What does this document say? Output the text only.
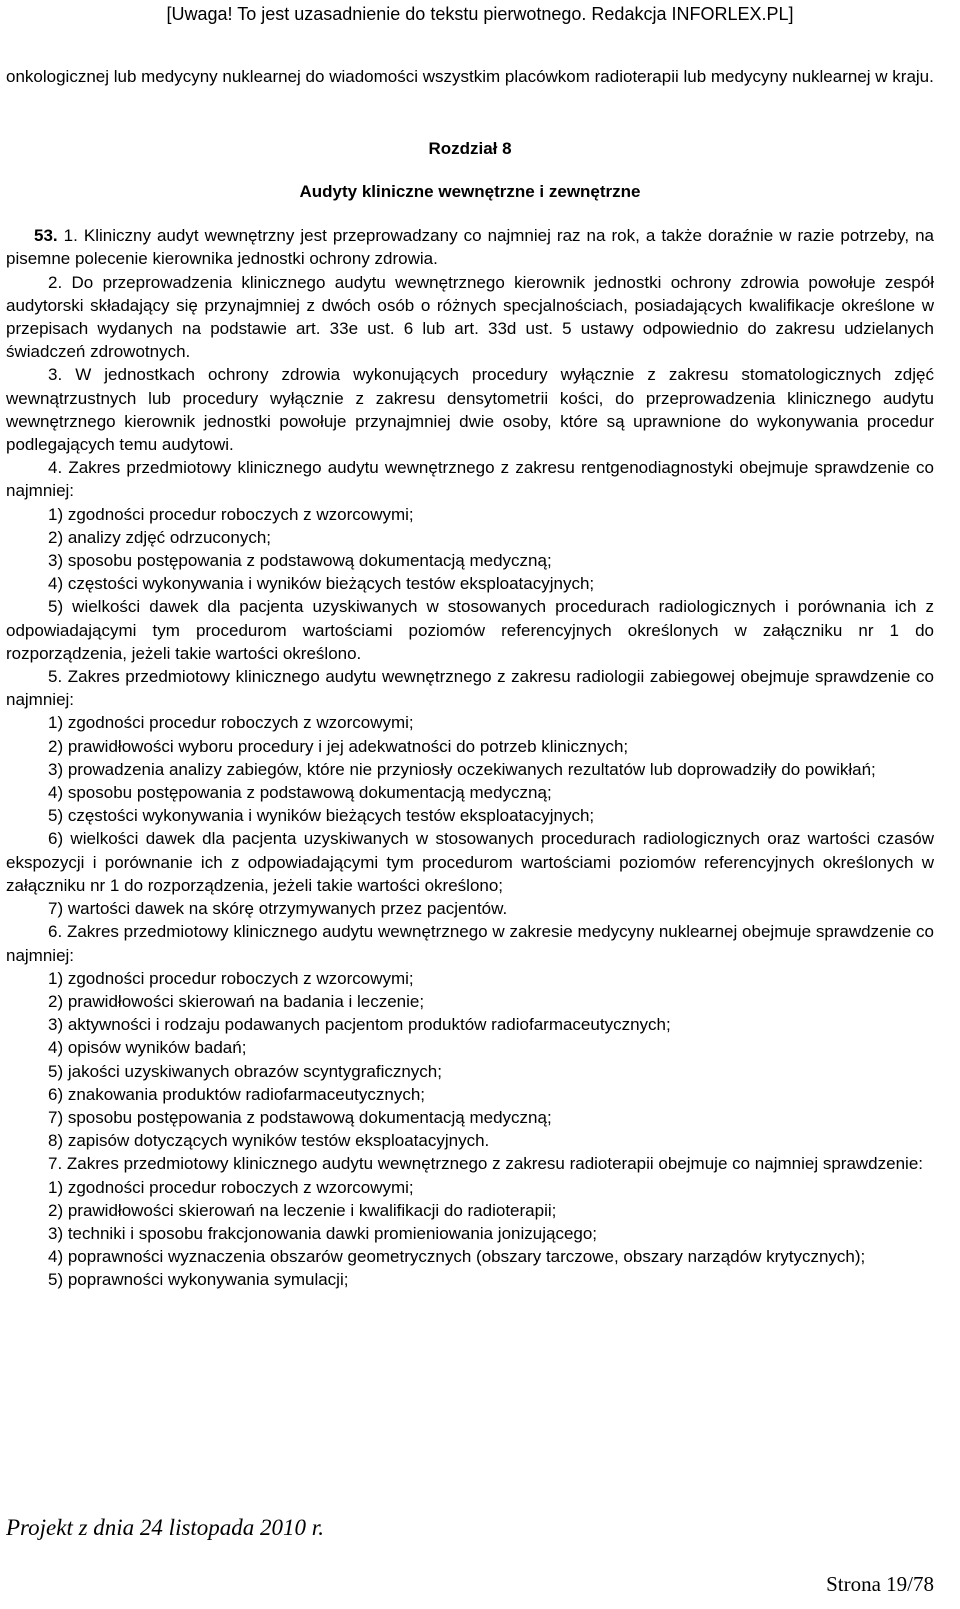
[Uwaga! To jest uzasadnienie do tekstu pierwotnego. Redakcja INFORLEX.PL]

onkologicznej lub medycyny nuklearnej do wiadomości wszystkim placówkom radioterapii lub medycyny nuklearnej w kraju.

Rozdział 8
Audyty kliniczne wewnętrzne i zewnętrzne

53. 1. Kliniczny audyt wewnętrzny jest przeprowadzany co najmniej raz na rok, a także doraźnie w razie potrzeby, na pisemne polecenie kierownika jednostki ochrony zdrowia.

2. Do przeprowadzenia klinicznego audytu wewnętrznego kierownik jednostki ochrony zdrowia powołuje zespół audytorski składający się przynajmniej z dwóch osób o różnych specjalnościach, posiadających kwalifikacje określone w przepisach wydanych na podstawie art. 33e ust. 6 lub art. 33d ust. 5 ustawy odpowiednio do zakresu udzielanych świadczeń zdrowotnych.

3. W jednostkach ochrony zdrowia wykonujących procedury wyłącznie z zakresu stomatologicznych zdjęć wewnątrzustnych lub procedury wyłącznie z zakresu densytometrii kości, do przeprowadzenia klinicznego audytu wewnętrznego kierownik jednostki powołuje przynajmniej dwie osoby, które są uprawnione do wykonywania procedur podlegających temu audytowi.

4. Zakres przedmiotowy klinicznego audytu wewnętrznego z zakresu rentgenodiagnostyki obejmuje sprawdzenie co najmniej:

1) zgodności procedur roboczych z wzorcowymi;

2) analizy zdjęć odrzuconych;

3) sposobu postępowania z podstawową dokumentacją medyczną;

4) częstości wykonywania i wyników bieżących testów eksploatacyjnych;

5) wielkości dawek dla pacjenta uzyskiwanych w stosowanych procedurach radiologicznych i porównania ich z odpowiadającymi tym procedurom wartościami poziomów referencyjnych określonych w załączniku nr 1 do rozporządzenia, jeżeli takie wartości określono.

5. Zakres przedmiotowy klinicznego audytu wewnętrznego z zakresu radiologii zabiegowej obejmuje sprawdzenie co najmniej:

1) zgodności procedur roboczych z wzorcowymi;

2) prawidłowości wyboru procedury i jej adekwatności do potrzeb klinicznych;

3) prowadzenia analizy zabiegów, które nie przyniosły oczekiwanych rezultatów lub doprowadziły do powikłań;

4) sposobu postępowania z podstawową dokumentacją medyczną;

5) częstości wykonywania i wyników bieżących testów eksploatacyjnych;

6) wielkości dawek dla pacjenta uzyskiwanych w stosowanych procedurach radiologicznych oraz wartości czasów ekspozycji i porównanie ich z odpowiadającymi tym procedurom wartościami poziomów referencyjnych określonych w załączniku nr 1 do rozporządzenia, jeżeli takie wartości określono;

7) wartości dawek na skórę otrzymywanych przez pacjentów.

6. Zakres przedmiotowy klinicznego audytu wewnętrznego w zakresie medycyny nuklearnej obejmuje sprawdzenie co najmniej:

1) zgodności procedur roboczych z wzorcowymi;

2) prawidłowości skierowań na badania i leczenie;

3) aktywności i rodzaju podawanych pacjentom produktów radiofarmaceutycznych;

4) opisów wyników badań;

5) jakości uzyskiwanych obrazów scyntygraficznych;

6) znakowania produktów radiofarmaceutycznych;

7) sposobu postępowania z podstawową dokumentacją medyczną;

8) zapisów dotyczących wyników testów eksploatacyjnych.

7. Zakres przedmiotowy klinicznego audytu wewnętrznego z zakresu radioterapii obejmuje co najmniej sprawdzenie:

1) zgodności procedur roboczych z wzorcowymi;

2) prawidłowości skierowań na leczenie i kwalifikacji do radioterapii;

3) techniki i sposobu frakcjonowania dawki promieniowania jonizującego;

4) poprawności wyznaczenia obszarów geometrycznych (obszary tarczowe, obszary narządów krytycznych);

5) poprawności wykonywania symulacji;

Projekt z dnia 24 listopada 2010 r.
Strona 19/78
